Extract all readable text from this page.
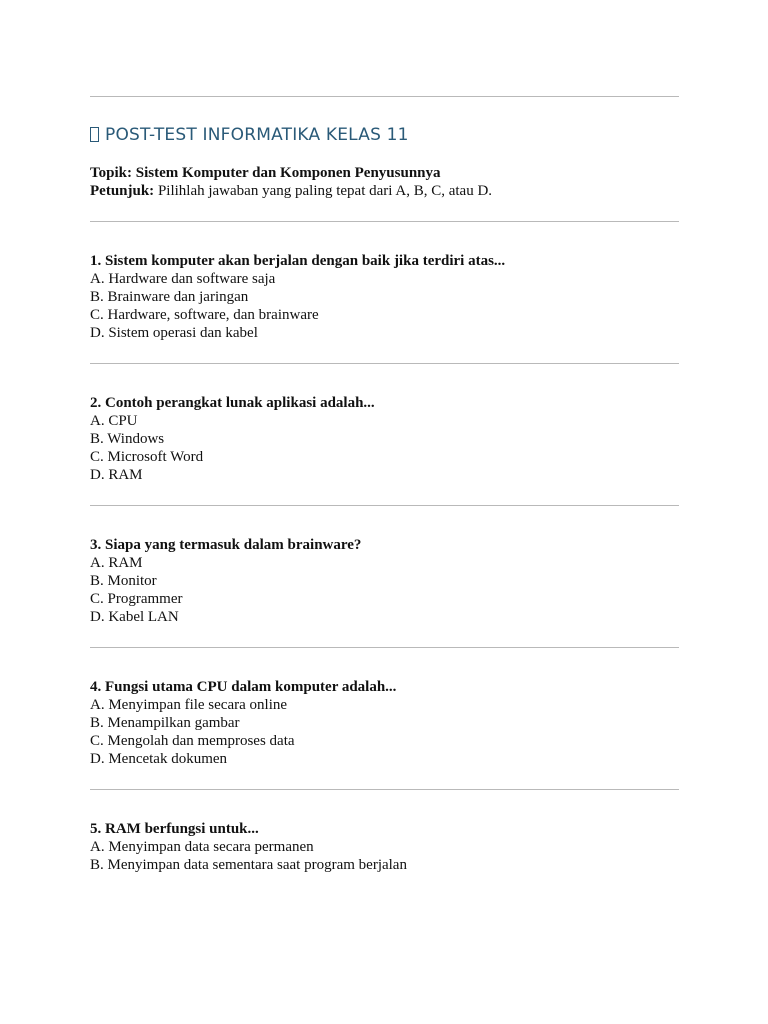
POST-TEST INFORMATIKA KELAS 11
Topik: Sistem Komputer dan Komponen Penyusunnya
Petunjuk: Pilihlah jawaban yang paling tepat dari A, B, C, atau D.
1. Sistem komputer akan berjalan dengan baik jika terdiri atas...
A. Hardware dan software saja
B. Brainware dan jaringan
C. Hardware, software, dan brainware
D. Sistem operasi dan kabel
2. Contoh perangkat lunak aplikasi adalah...
A. CPU
B. Windows
C. Microsoft Word
D. RAM
3. Siapa yang termasuk dalam brainware?
A. RAM
B. Monitor
C. Programmer
D. Kabel LAN
4. Fungsi utama CPU dalam komputer adalah...
A. Menyimpan file secara online
B. Menampilkan gambar
C. Mengolah dan memproses data
D. Mencetak dokumen
5. RAM berfungsi untuk...
A. Menyimpan data secara permanen
B. Menyimpan data sementara saat program berjalan
